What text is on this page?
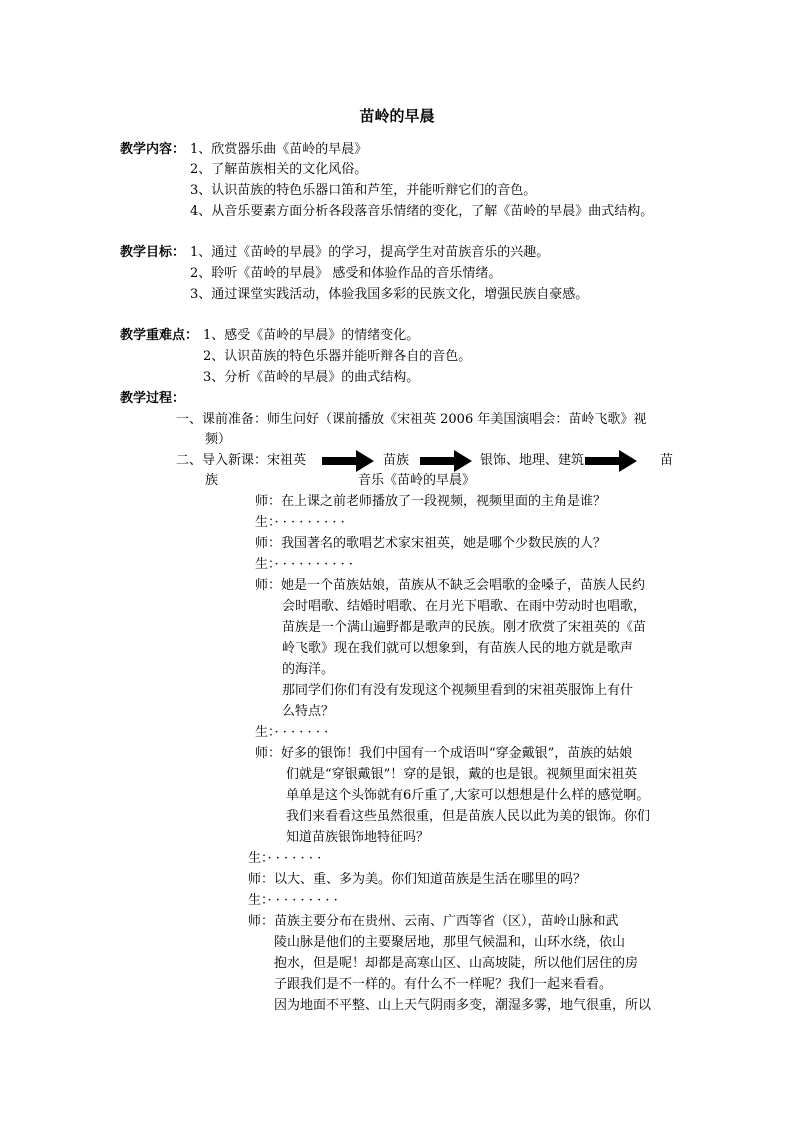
苗岭的早晨
教学内容： 1、欣赏器乐曲《苗岭的早晨》
2、了解苗族相关的文化风俗。
3、认识苗族的特色乐器口笛和芦笙，并能听辩它们的音色。
4、从音乐要素方面分析各段落音乐情绪的变化，了解《苗岭的早晨》曲式结构。
教学目标： 1、通过《苗岭的早晨》的学习，提高学生对苗族音乐的兴趣。
2、聆听《苗岭的早晨》 感受和体验作品的音乐情绪。
3、通过课堂实践活动，体验我国多彩的民族文化，增强民族自豪感。
教学重难点： 1、感受《苗岭的早晨》的情绪变化。
2、认识苗族的特色乐器并能听辩各自的音色。
3、分析《苗岭的早晨》的曲式结构。
教学过程：
一、课前准备：师生问好（课前播放《宋祖英 2006 年美国演唱会：苗岭飞歌》视
频）
二、导入新课：宋祖英	苗族	银饰、地理、建筑	苗
族	音乐《苗岭的早晨》
师：在上课之前老师播放了一段视频，视频里面的主角是谁？
生：· · · · · · · · ·
师：我国著名的歌唱艺术家宋祖英，她是哪个少数民族的人？
生：· · · · · · · · · ·
师：她是一个苗族姑娘，苗族从不缺乏会唱歌的金嗓子，苗族人民约
会时唱歌、结婚时唱歌、在月光下唱歌、在雨中劳动时也唱歌，
苗族是一个满山遍野都是歌声的民族。刚才欣赏了宋祖英的《苗
岭飞歌》现在我们就可以想象到，有苗族人民的地方就是歌声
的海洋。
那同学们你们有没有发现这个视频里看到的宋祖英服饰上有什
么特点？
生：· · · · · · ·
师：好多的银饰！我们中国有一个成语叫“穿金戴银”，苗族的姑娘
们就是“穿银戴银”！穿的是银，戴的也是银。视频里面宋祖英
单单是这个头饰就有6斤重了,大家可以想想是什么样的感觉啊。
我们来看看这些虽然很重，但是苗族人民以此为美的银饰。你们
知道苗族银饰地特征吗？
生：· · · · · · ·
师：以大、重、多为美。你们知道苗族是生活在哪里的吗？
生：· · · · · · · · ·
师：苗族主要分布在贵州、云南、广西等省（区），苗岭山脉和武
陵山脉是他们的主要聚居地，那里气候温和，山环水绕，依山
抱水，但是呢！却都是高寒山区、山高坡陡，所以他们居住的房
子跟我们是不一样的。有什么不一样呢？我们一起来看看。
因为地面不平整、山上天气阴雨多变，潮湿多雾，地气很重，所以
